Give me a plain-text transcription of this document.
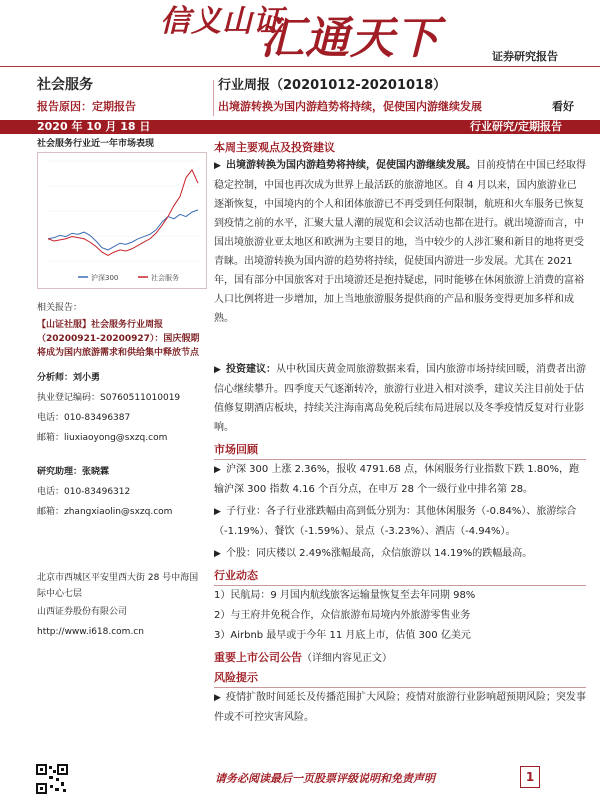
信义山证
汇通天下	证券研究报告
社会服务
报告原因：定期报告
行业周报（20201012-20201018）
出境游转换为国内游趋势将持续，促使国内游继续发展	看好
2020 年 10 月 18 日	行业研究/定期报告
社会服务行业近一年市场表现
沪深300	社会服务
相关报告：
【山证社服】社会服务行业周报（20200921-20200927）：国庆假期将成为国内旅游需求和供给集中释放节点
分析师：刘小勇
执业登记编码：S0760511010019
电话：010-83496387
邮箱：liuxiaoyong@sxzq.com
研究助理：张晓霖
电话：010-83496312
邮箱：zhangxiaolin@sxzq.com
北京市西城区平安里西大街 28 号中海国
际中心七层
山西证券股份有限公司
http://www.i618.com.cn
本周主要观点及投资建议
▶ 出境游转换为国内游趋势将持续，促使国内游继续发展。目前疫情在中国已经取得稳定控制，中国也再次成为世界上最活跃的旅游地区。自 4 月以来，国内旅游业已逐渐恢复，中国境内的个人和团体旅游已不再受到任何限制，航班和火车服务已恢复到疫情之前的水平，汇聚大量人潮的展览和会议活动也都在进行。就出境游而言，中国出境旅游业亚太地区和欧洲为主要目的地，当中较少的人涉汇聚和新目的地将更受青睐。出境游转换为国内游的趋势将持续，促使国内游进一步发展。尤其在 2021 年，国有部分中国旅客对于出境游还是抱持疑虑，同时能够在休闲旅游上消费的富裕人口比例将进一步增加，加上当地旅游服务提供商的产品和服务变得更加多样和成熟。
▶ 投资建议：从中秋国庆黄金周旅游数据来看，国内旅游市场持续回暖，消费者出游信心继续攀升。四季度天气逐渐转冷，旅游行业进入相对淡季，建议关注目前处于估值修复期酒店板块，持续关注海南离岛免税后续布局进展以及冬季疫情反复对行业影响。
市场回顾
▶ 沪深 300 上涨 2.36%，报收 4791.68 点，休闲服务行业指数下跌 1.80%，跑输沪深 300 指数 4.16 个百分点，在申万 28 个一级行业中排名第 28。
▶ 子行业：各子行业涨跌幅由高到低分别为：其他休闲服务（-0.84%）、旅游综合（-1.19%）、餐饮（-1.59%）、景点（-3.23%）、酒店（-4.94%）。
▶ 个股：同庆楼以 2.49%涨幅最高，众信旅游以 14.19%的跌幅最高。
行业动态
1）民航局：9 月国内航线旅客运输量恢复至去年同期 98%
2）与王府井免税合作，众信旅游布局境内外旅游零售业务
3）Airbnb 最早或于今年 11 月底上市，估值 300 亿美元
重要上市公司公告（详细内容见正文）
风险提示
▶ 疫情扩散时间延长及传播范围扩大风险；疫情对旅游行业影响超预期风险；突发事件或不可控灾害风险。
请务必阅读最后一页股票评级说明和免责声明	1
